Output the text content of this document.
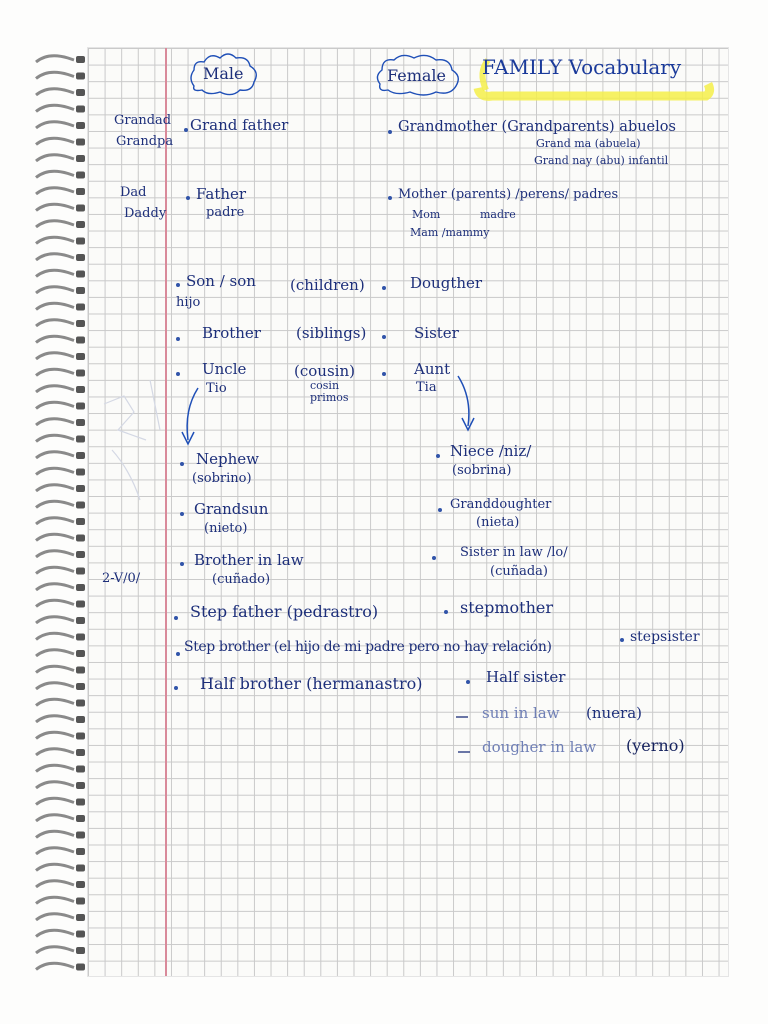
Male	Female FAMILY Vocabulary
Grandad
Grandpa
Dad
Daddy
2-V/0/
Grand father
Father
padre
Son / son
hijo
Brother
Uncle
Tio
Nephew
(sobrino)
Grandsun
(nieto)
Brother in law
(cuñado)
Step father (pedrastro)
Step brother (el hijo de mi padre pero no hay relación)
Half brother (hermanastro)
(children)
(siblings)
(cousin)
cosin
primos
Grandmother (Grandparents) abuelos
Grand ma (abuela)
Grand nay (abu) infantil
Mother (parents) /perens/ padres
Mom	madre
Mam /mammy
Dougther
Sister
Aunt
Tia
Niece /niz/
(sobrina)
Granddoughter
(nieta)
Sister in law /lo/
(cuñada)
stepmother
stepsister
Half sister
sun in law (nuera)
dougher in law (yerno)
